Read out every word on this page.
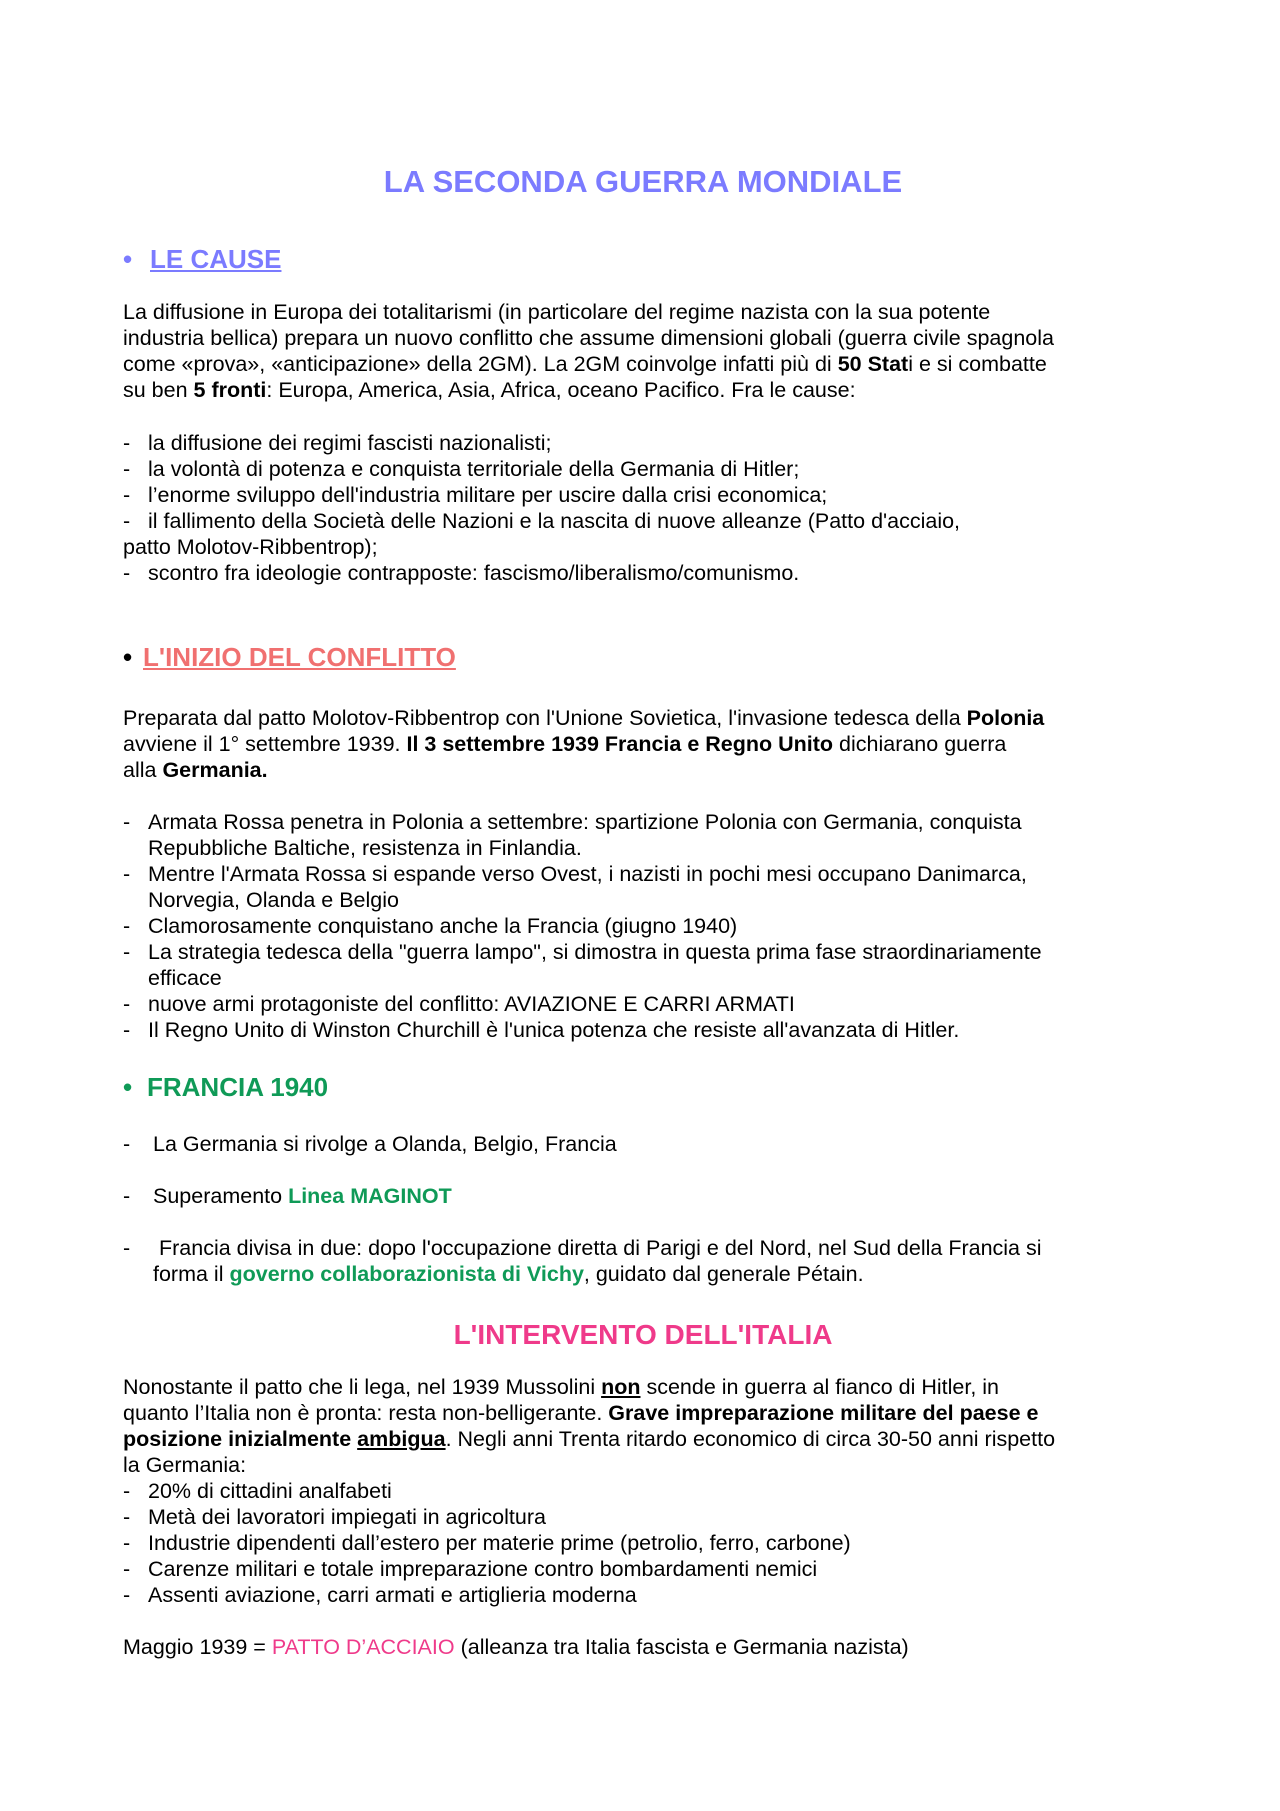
LA SECONDA GUERRA MONDIALE
• LE CAUSE
La diffusione in Europa dei totalitarismi (in particolare del regime nazista con la sua potente
industria bellica) prepara un nuovo conflitto che assume dimensioni globali (guerra civile spagnola
come «prova», «anticipazione» della 2GM). La 2GM coinvolge infatti più di 50 Stati e si combatte
su ben 5 fronti: Europa, America, Asia, Africa, oceano Pacifico. Fra le cause:
- la diffusione dei regimi fascisti nazionalisti;
- la volontà di potenza e conquista territoriale della Germania di Hitler;
- l’enorme sviluppo dell'industria militare per uscire dalla crisi economica;
- il fallimento della Società delle Nazioni e la nascita di nuove alleanze (Patto d'acciaio,
patto Molotov-Ribbentrop);
- scontro fra ideologie contrapposte: fascismo/liberalismo/comunismo.
• L'INIZIO DEL CONFLITTO
Preparata dal patto Molotov-Ribbentrop con l'Unione Sovietica, l'invasione tedesca della Polonia
avviene il 1° settembre 1939. Il 3 settembre 1939 Francia e Regno Unito dichiarano guerra
alla Germania.
- Armata Rossa penetra in Polonia a settembre: spartizione Polonia con Germania, conquista
Repubbliche Baltiche, resistenza in Finlandia.
- Mentre l'Armata Rossa si espande verso Ovest, i nazisti in pochi mesi occupano Danimarca,
Norvegia, Olanda e Belgio
- Clamorosamente conquistano anche la Francia (giugno 1940)
- La strategia tedesca della "guerra lampo", si dimostra in questa prima fase straordinariamente
efficace
- nuove armi protagoniste del conflitto: AVIAZIONE E CARRI ARMATI
- Il Regno Unito di Winston Churchill è l'unica potenza che resiste all'avanzata di Hitler.
• FRANCIA 1940
- La Germania si rivolge a Olanda, Belgio, Francia
- Superamento Linea MAGINOT
- Francia divisa in due: dopo l'occupazione diretta di Parigi e del Nord, nel Sud della Francia si
forma il governo collaborazionista di Vichy, guidato dal generale Pétain.
L'INTERVENTO DELL'ITALIA
Nonostante il patto che li lega, nel 1939 Mussolini non scende in guerra al fianco di Hitler, in
quanto l’Italia non è pronta: resta non-belligerante. Grave impreparazione militare del paese e
posizione inizialmente ambigua. Negli anni Trenta ritardo economico di circa 30-50 anni rispetto
la Germania:
- 20% di cittadini analfabeti
- Metà dei lavoratori impiegati in agricoltura
- Industrie dipendenti dall’estero per materie prime (petrolio, ferro, carbone)
- Carenze militari e totale impreparazione contro bombardamenti nemici
- Assenti aviazione, carri armati e artiglieria moderna
Maggio 1939 = PATTO D’ACCIAIO (alleanza tra Italia fascista e Germania nazista)
